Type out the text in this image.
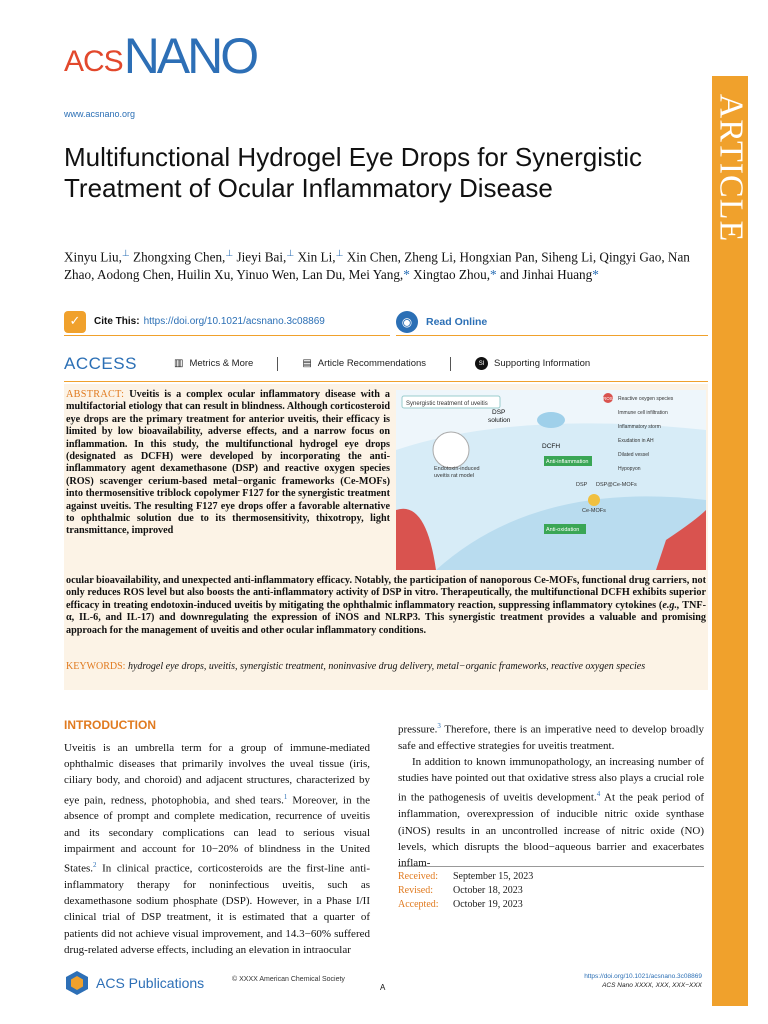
ACS NANO
www.acsnano.org	ARTICLE
Multifunctional Hydrogel Eye Drops for Synergistic Treatment of Ocular Inflammatory Disease
Xinyu Liu,⊥ Zhongxing Chen,⊥ Jieyi Bai,⊥ Xin Li,⊥ Xin Chen, Zheng Li, Hongxian Pan, Siheng Li, Qingyi Gao, Nan Zhao, Aodong Chen, Huilin Xu, Yinuo Wen, Lan Du, Mei Yang,* Xingtao Zhou,* and Jinhai Huang*
✓	Cite This: https://doi.org/10.1021/acsnano.3c08869	◉	Read Online
ACCESS	▥ Metrics & More	▤ Article Recommendations	SI	Supporting Information
ABSTRACT: Uveitis is a complex ocular inflammatory disease with a multifactorial etiology that can result in blindness. Although corticosteroid eye drops are the primary treatment for anterior uveitis, their efficacy is limited by low bioavailability, adverse effects, and a narrow focus on inflammation. In this study, the multifunctional hydrogel eye drops (designated as DCFH) were developed by incorporating the anti-inflammatory agent dexamethasone (DSP) and reactive oxygen species (ROS) scavenger cerium-based metal−organic frameworks (Ce-MOFs) into thermosensitive triblock copolymer F127 for the synergistic treatment against uveitis. The resulting F127 eye drops offer a favorable alternative to ophthalmic solution due to its thermosensitivity, thixotropy, light transmittance, improved
ocular bioavailability, and unexpected anti-inflammatory efficacy. Notably, the participation of nanoporous Ce-MOFs, functional drug carriers, not only reduces ROS level but also boosts the anti-inflammatory activity of DSP in vitro. Therapeutically, the multifunctional DCFH exhibits superior efficacy in treating endotoxin-induced uveitis by mitigating the ophthalmic inflammatory reaction, suppressing inflammatory cytokines (e.g., TNF-α, IL-6, and IL-17) and downregulating the expression of iNOS and NLRP3. This synergistic treatment provides a valuable and promising approach for the management of uveitis and other ocular inflammatory conditions.
KEYWORDS: hydrogel eye drops, uveitis, synergistic treatment, noninvasive drug delivery, metal−organic frameworks, reactive oxygen species
Synergistic treatment of uveitis
DSP
solution
DCFH
Endotoxin-induced
uveitis rat model
Anti-inflammation
Anti-oxidation
DSP DSP@Ce-MOFs
Ce-MOFs
ROS Reactive oxygen species
Immune cell infiltration
Inflammatory storm
Exudation in AH
Dilated vessel
Hypopyon
INTRODUCTION
Uveitis is an umbrella term for a group of immune-mediated ophthalmic diseases that primarily involves the uveal tissue (iris, ciliary body, and choroid) and adjacent structures, characterized by eye pain, redness, photophobia, and shed tears.$^1$ Moreover, in the absence of prompt and complete medication, recurrence of uveitis and its secondary complications can lead to serious visual impairment and account for 10−20% of blindness in the United States.$^2$ In clinical practice, corticosteroids are the first-line anti-inflammatory therapy for noninfectious uveitis, such as dexamethasone sodium phosphate (DSP). However, in a Phase I/II clinical trial of DSP treatment, it is estimated that a quarter of patients did not achieve visual improvement, and 14.3−60% suffered drug-related adverse effects, including an elevation in intraocular

pressure.$^3$ Therefore, there is an imperative need to develop broadly safe and effective strategies for uveitis treatment.

In addition to known immunopathology, an increasing number of studies have pointed out that oxidative stress also plays a crucial role in the pathogenesis of uveitis development.$^4$ At the peak period of inflammation, overexpression of inducible nitric oxide synthase (iNOS) results in an uncontrolled increase of nitric oxide (NO) levels, which disrupts the blood−aqueous barrier and exacerbates inflam-

Received:	September 15, 2023
Revised:	October 18, 2023
Accepted:	October 19, 2023
ACS Publications	© XXXX American Chemical Society
A
https://doi.org/10.1021/acsnano.3c08869
ACS Nano XXXX, XXX, XXX−XXX
